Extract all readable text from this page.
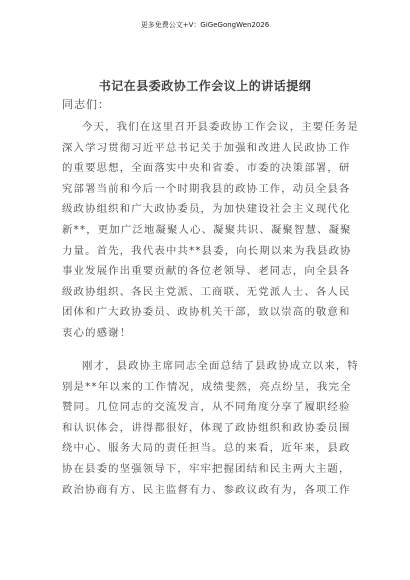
更多免费公文+V：GiGeGongWen2026
书记在县委政协工作会议上的讲话提纲
同志们：

今天，我们在这里召开县委政协工作会议，主要任务是
深入学习贯彻习近平总书记关于加强和改进人民政协工作
的重要思想，全面落实中央和省委、市委的决策部署，研
究部署当前和今后一个时期我县的政协工作，动员全县各
级政协组织和广大政协委员，为加快建设社会主义现代化
新**，更加广泛地凝聚人心、凝聚共识、凝聚智慧、凝聚
力量。首先，我代表中共**县委，向长期以来为我县政协
事业发展作出重要贡献的各位老领导、老同志，向全县各
级政协组织、各民主党派、工商联、无党派人士、各人民
团体和广大政协委员、政协机关干部，致以崇高的敬意和
衷心的感谢！

刚才，县政协主席同志全面总结了县政协成立以来，特
别是**年以来的工作情况，成绩斐然，亮点纷呈，我完全
赞同。几位同志的交流发言，从不同角度分享了履职经验
和认识体会，讲得都很好，体现了政协组织和政协委员围
绕中心、服务大局的责任担当。总的来看，近年来，县政
协在县委的坚强领导下，牢牢把握团结和民主两大主题，
政治协商有方、民主监督有力、参政议政有为，各项工作
